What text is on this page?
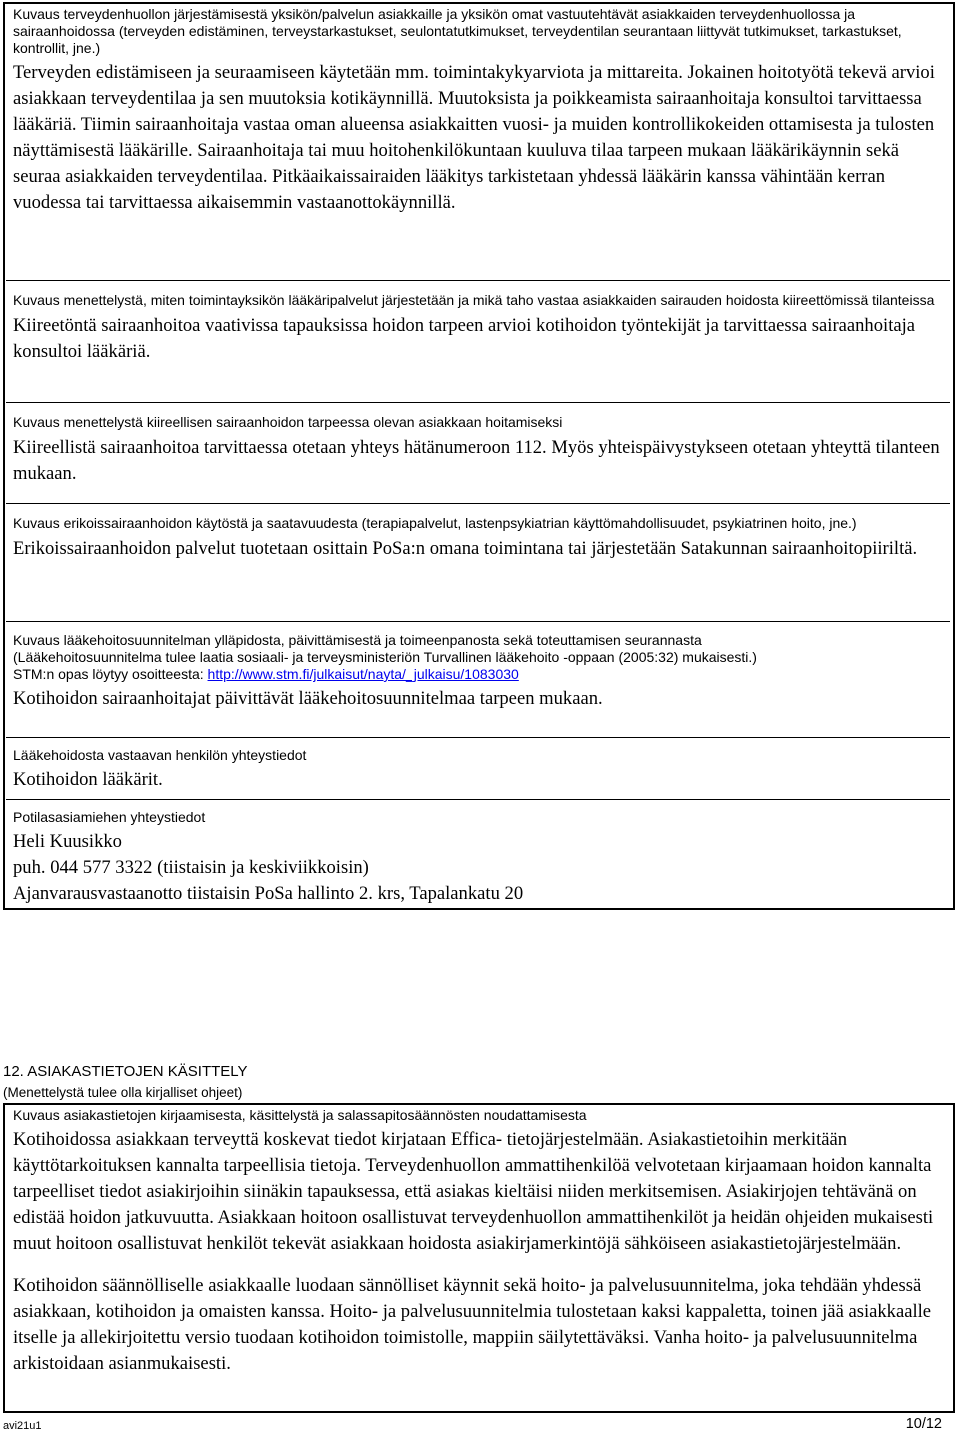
Kuvaus terveydenhuollon järjestämisestä yksikön/palvelun asiakkaille ja yksikön omat vastuutehtävät asiakkaiden terveydenhuollossa ja sairaanhoidossa (terveyden edistäminen, terveystarkastukset, seulontatutkimukset, terveydentilan seurantaan liittyvät tutkimukset, tarkastukset, kontrollit, jne.)

Terveyden edistämiseen ja seuraamiseen käytetään mm. toimintakykyarviota ja mittareita. Jokainen hoitotyötä tekevä arvioi asiakkaan terveydentilaa ja sen muutoksia kotikäynnillä. Muutoksista ja poikkeamista sairaanhoitaja konsultoi tarvittaessa lääkäriä. Tiimin sairaanhoitaja vastaa oman alueensa asiakkaitten vuosi- ja muiden kontrollikokeiden ottamisesta ja tulosten näyttämisestä lääkärille. Sairaanhoitaja tai muu hoitohenkilökuntaan kuuluva tilaa tarpeen mukaan lääkärikäynnin sekä seuraa asiakkaiden terveydentilaa. Pitkäaikaissairaiden lääkitys tarkistetaan yhdessä lääkärin kanssa vähintään kerran vuodessa tai tarvittaessa aikaisemmin vastaanottokäynnillä.

Kuvaus menettelystä, miten toimintayksikön lääkäripalvelut järjestetään ja mikä taho vastaa asiakkaiden sairauden hoidosta kiireettömissä tilanteissa

Kiireetöntä sairaanhoitoa vaativissa tapauksissa hoidon tarpeen arvioi kotihoidon työntekijät ja tarvittaessa sairaanhoitaja konsultoi lääkäriä.

Kuvaus menettelystä kiireellisen sairaanhoidon tarpeessa olevan asiakkaan hoitamiseksi

Kiireellistä sairaanhoitoa tarvittaessa otetaan yhteys hätänumeroon 112. Myös yhteispäivystykseen otetaan yhteyttä tilanteen mukaan.

Kuvaus erikoissairaanhoidon käytöstä ja saatavuudesta (terapiapalvelut, lastenpsykiatrian käyttömahdollisuudet, psykiatrinen hoito, jne.)

Erikoissairaanhoidon palvelut tuotetaan osittain PoSa:n omana toimintana tai järjestetään Satakunnan sairaanhoitopiiriltä.

Kuvaus lääkehoitosuunnitelman ylläpidosta, päivittämisestä ja toimeenpanosta sekä toteuttamisen seurannasta

(Lääkehoitosuunnitelma tulee laatia sosiaali- ja terveysministeriön Turvallinen lääkehoito -oppaan (2005:32) mukaisesti.)

STM:n opas löytyy osoitteesta: http://www.stm.fi/julkaisut/nayta/_julkaisu/1083030

Kotihoidon sairaanhoitajat päivittävät lääkehoitosuunnitelmaa tarpeen mukaan.

Lääkehoidosta vastaavan henkilön yhteystiedot

Kotihoidon lääkärit.

Potilasasiamiehen yhteystiedot

Heli Kuusikko

puh. 044 577 3322 (tiistaisin ja keskiviikkoisin)

Ajanvarausvastaanotto tiistaisin PoSa hallinto 2. krs, Tapalankatu 20

12. ASIAKASTIETOJEN KÄSITTELY
(Menettelystä tulee olla kirjalliset ohjeet)

Kuvaus asiakastietojen kirjaamisesta, käsittelystä ja salassapitosäännösten noudattamisesta

Kotihoidossa asiakkaan terveyttä koskevat tiedot kirjataan Effica- tietojärjestelmään. Asiakastietoihin merkitään käyttötarkoituksen kannalta tarpeellisia tietoja. Terveydenhuollon ammattihenkilöä velvotetaan kirjaamaan hoidon kannalta tarpeelliset tiedot asiakirjoihin siinäkin tapauksessa, että asiakas kieltäisi niiden merkitsemisen. Asiakirjojen tehtävänä on edistää hoidon jatkuvuutta. Asiakkaan hoitoon osallistuvat terveydenhuollon ammattihenkilöt ja heidän ohjeiden mukaisesti muut hoitoon osallistuvat henkilöt tekevät asiakkaan hoidosta asiakirjamerkintöjä sähköiseen asiakastietojärjestelmään.

Kotihoidon säännölliselle asiakkaalle luodaan sännölliset käynnit sekä hoito- ja palvelusuunnitelma, joka tehdään yhdessä asiakkaan, kotihoidon ja omaisten kanssa. Hoito- ja palvelusuunnitelmia tulostetaan kaksi kappaletta, toinen jää asiakkaalle itselle ja allekirjoitettu versio tuodaan kotihoidon toimistolle, mappiin säilytettäväksi. Vanha hoito- ja palvelusuunnitelma arkistoidaan asianmukaisesti.

avi21u1	10/12
